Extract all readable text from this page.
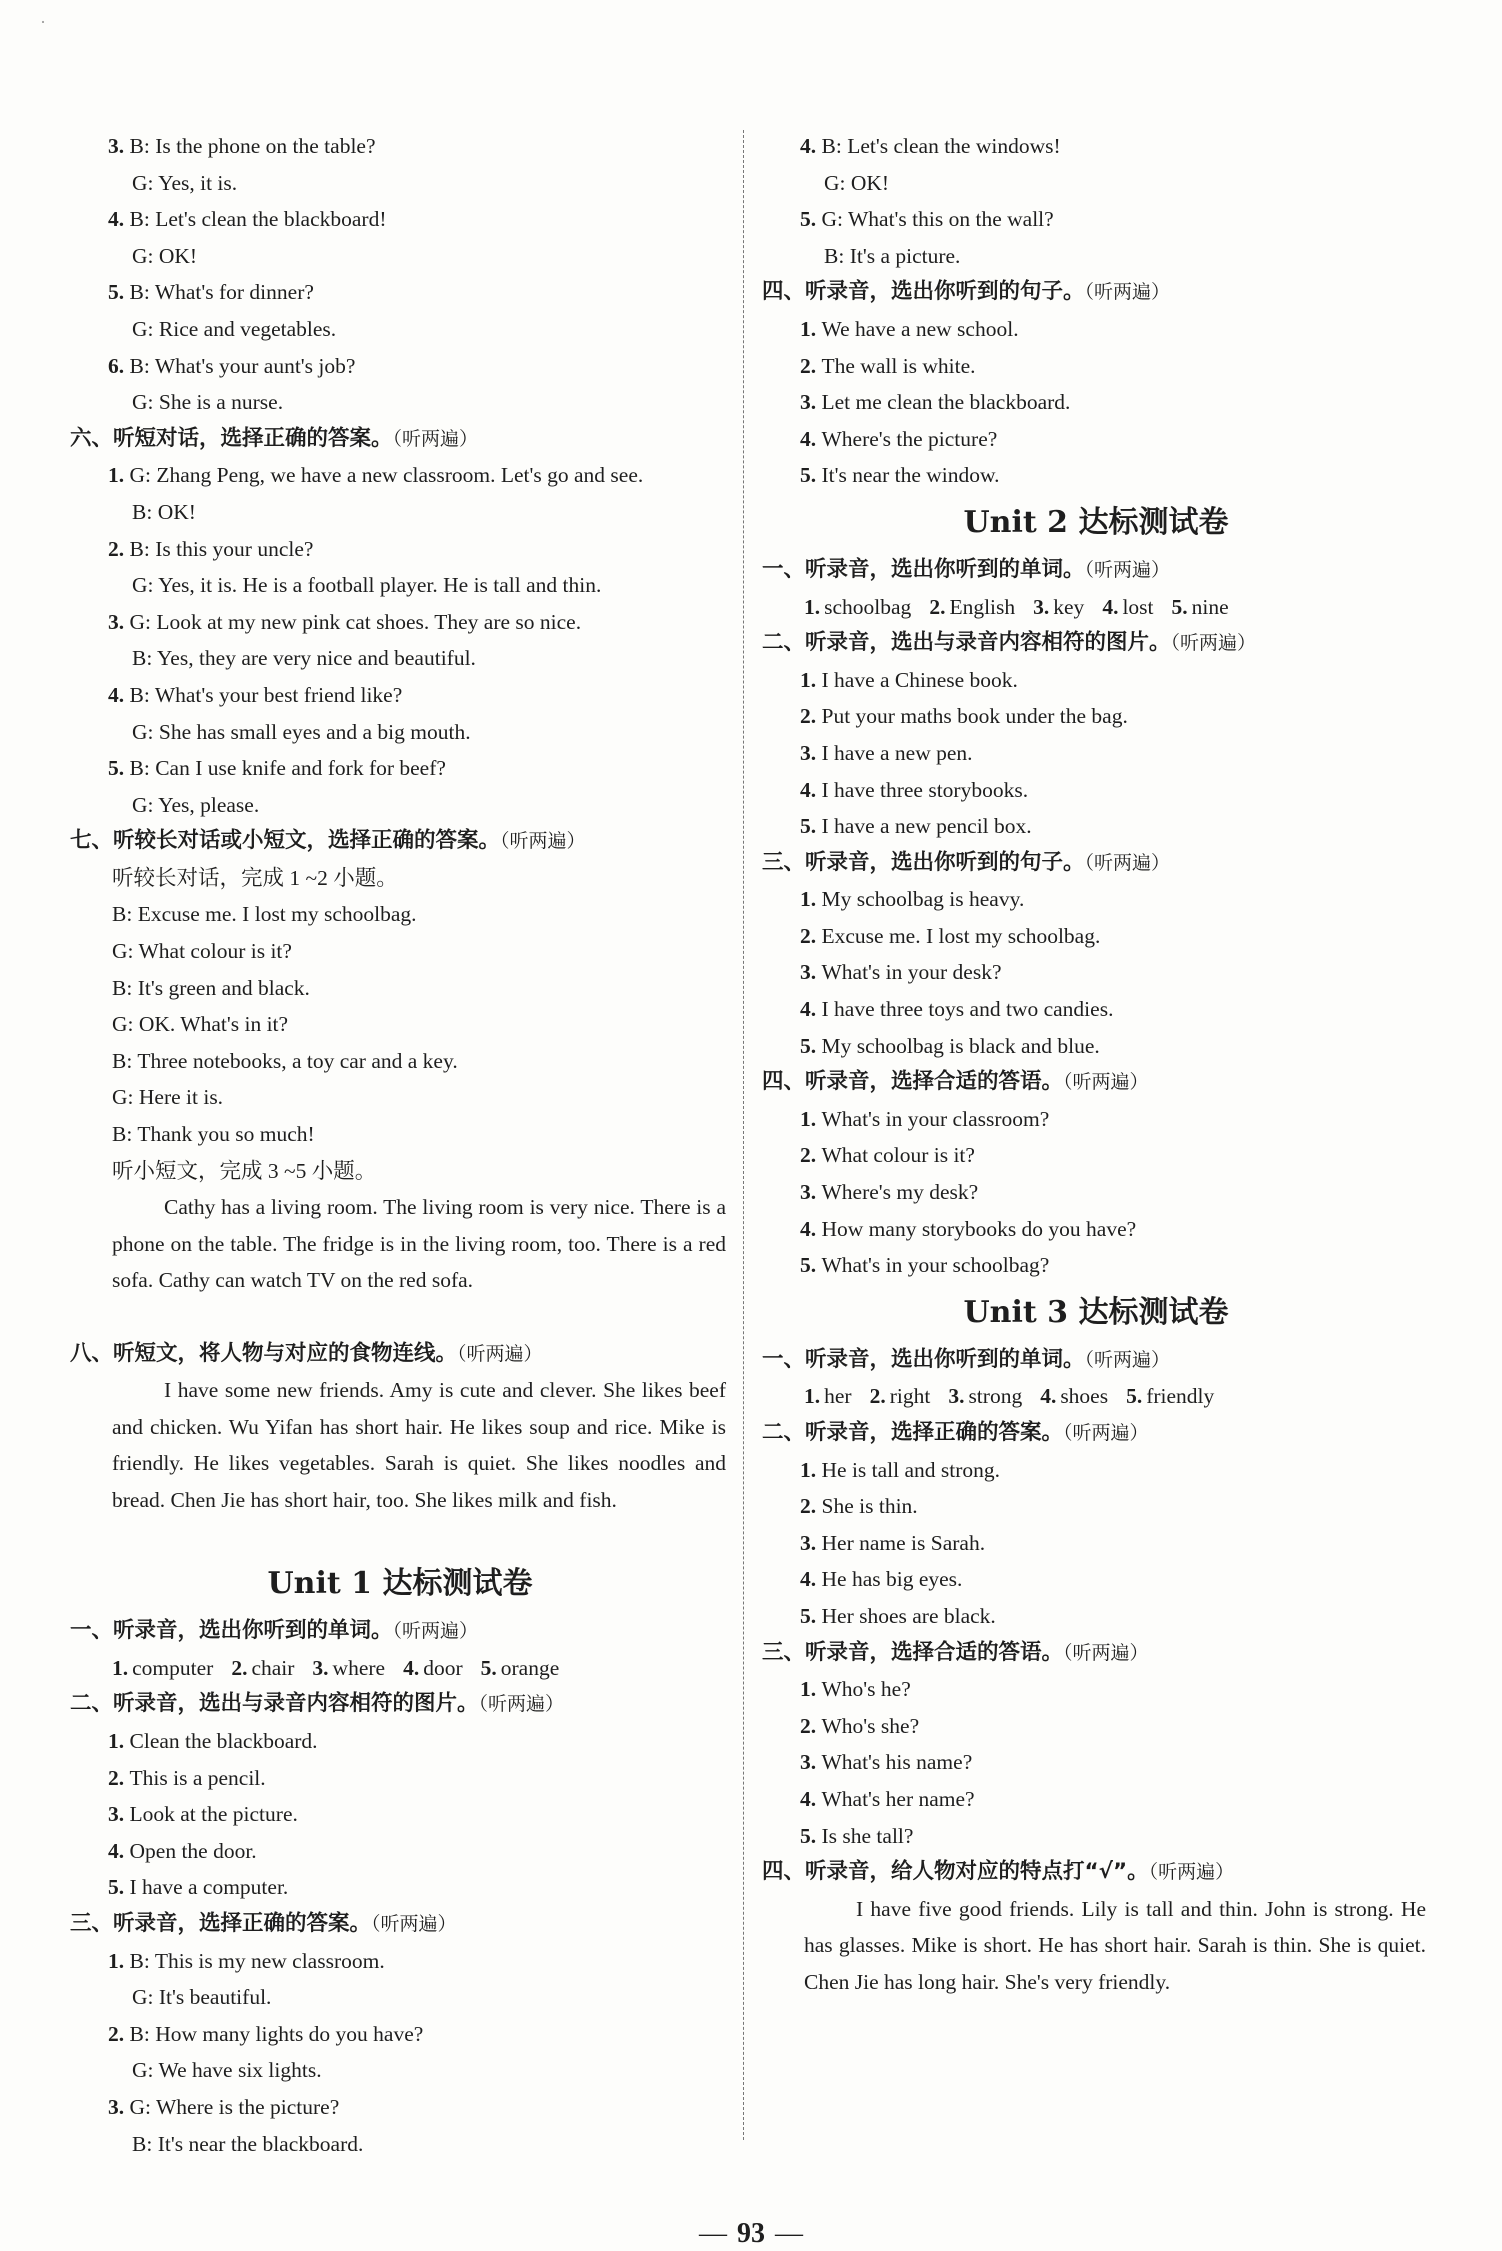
·
3. B: Is the phone on the table?
G: Yes, it is.
4. B: Let's clean the blackboard!
G: OK!
5. B: What's for dinner?
G: Rice and vegetables.
6. B: What's your aunt's job?
G: She is a nurse.
六、听短对话，选择正确的答案。（听两遍）
1. G: Zhang Peng, we have a new classroom. Let's go and see.
B: OK!
2. B: Is this your uncle?
G: Yes, it is. He is a football player. He is tall and thin.
3. G: Look at my new pink cat shoes. They are so nice.
B: Yes, they are very nice and beautiful.
4. B: What's your best friend like?
G: She has small eyes and a big mouth.
5. B: Can I use knife and fork for beef?
G: Yes, please.
七、听较长对话或小短文，选择正确的答案。（听两遍）
听较长对话，完成 1 ~2 小题。
B: Excuse me. I lost my schoolbag.
G: What colour is it?
B: It's green and black.
G: OK. What's in it?
B: Three notebooks, a toy car and a key.
G: Here it is.
B: Thank you so much!
听小短文，完成 3 ~5 小题。
Cathy has a living room. The living room is very nice. There is a phone on the table. The fridge is in the living room, too. There is a red sofa. Cathy can watch TV on the red sofa.
八、听短文，将人物与对应的食物连线。（听两遍）
I have some new friends. Amy is cute and clever. She likes beef and chicken. Wu Yifan has short hair. He likes soup and rice. Mike is friendly. He likes vegetables. Sarah is quiet. She likes noodles and bread. Chen Jie has short hair, too. She likes milk and fish.
Unit 1 达标测试卷
一、听录音，选出你听到的单词。（听两遍）
1. computer 2. chair 3. where 4. door 5. orange
二、听录音，选出与录音内容相符的图片。（听两遍）
1. Clean the blackboard.
2. This is a pencil.
3. Look at the picture.
4. Open the door.
5. I have a computer.
三、听录音，选择正确的答案。（听两遍）
1. B: This is my new classroom.
G: It's beautiful.
2. B: How many lights do you have?
G: We have six lights.
3. G: Where is the picture?
B: It's near the blackboard.
4. B: Let's clean the windows!
G: OK!
5. G: What's this on the wall?
B: It's a picture.
四、听录音，选出你听到的句子。（听两遍）
1. We have a new school.
2. The wall is white.
3. Let me clean the blackboard.
4. Where's the picture?
5. It's near the window.
Unit 2 达标测试卷
一、听录音，选出你听到的单词。（听两遍）
1. schoolbag 2. English 3. key 4. lost 5. nine
二、听录音，选出与录音内容相符的图片。（听两遍）
1. I have a Chinese book.
2. Put your maths book under the bag.
3. I have a new pen.
4. I have three storybooks.
5. I have a new pencil box.
三、听录音，选出你听到的句子。（听两遍）
1. My schoolbag is heavy.
2. Excuse me. I lost my schoolbag.
3. What's in your desk?
4. I have three toys and two candies.
5. My schoolbag is black and blue.
四、听录音，选择合适的答语。（听两遍）
1. What's in your classroom?
2. What colour is it?
3. Where's my desk?
4. How many storybooks do you have?
5. What's in your schoolbag?
Unit 3 达标测试卷
一、听录音，选出你听到的单词。（听两遍）
1. her 2. right 3. strong 4. shoes 5. friendly
二、听录音，选择正确的答案。（听两遍）
1. He is tall and strong.
2. She is thin.
3. Her name is Sarah.
4. He has big eyes.
5. Her shoes are black.
三、听录音，选择合适的答语。（听两遍）
1. Who's he?
2. Who's she?
3. What's his name?
4. What's her name?
5. Is she tall?
四、听录音，给人物对应的特点打“√”。（听两遍）
I have five good friends. Lily is tall and thin. John is strong. He has glasses. Mike is short. He has short hair. Sarah is thin. She is quiet. Chen Jie has long hair. She's very friendly.
— 93 —
